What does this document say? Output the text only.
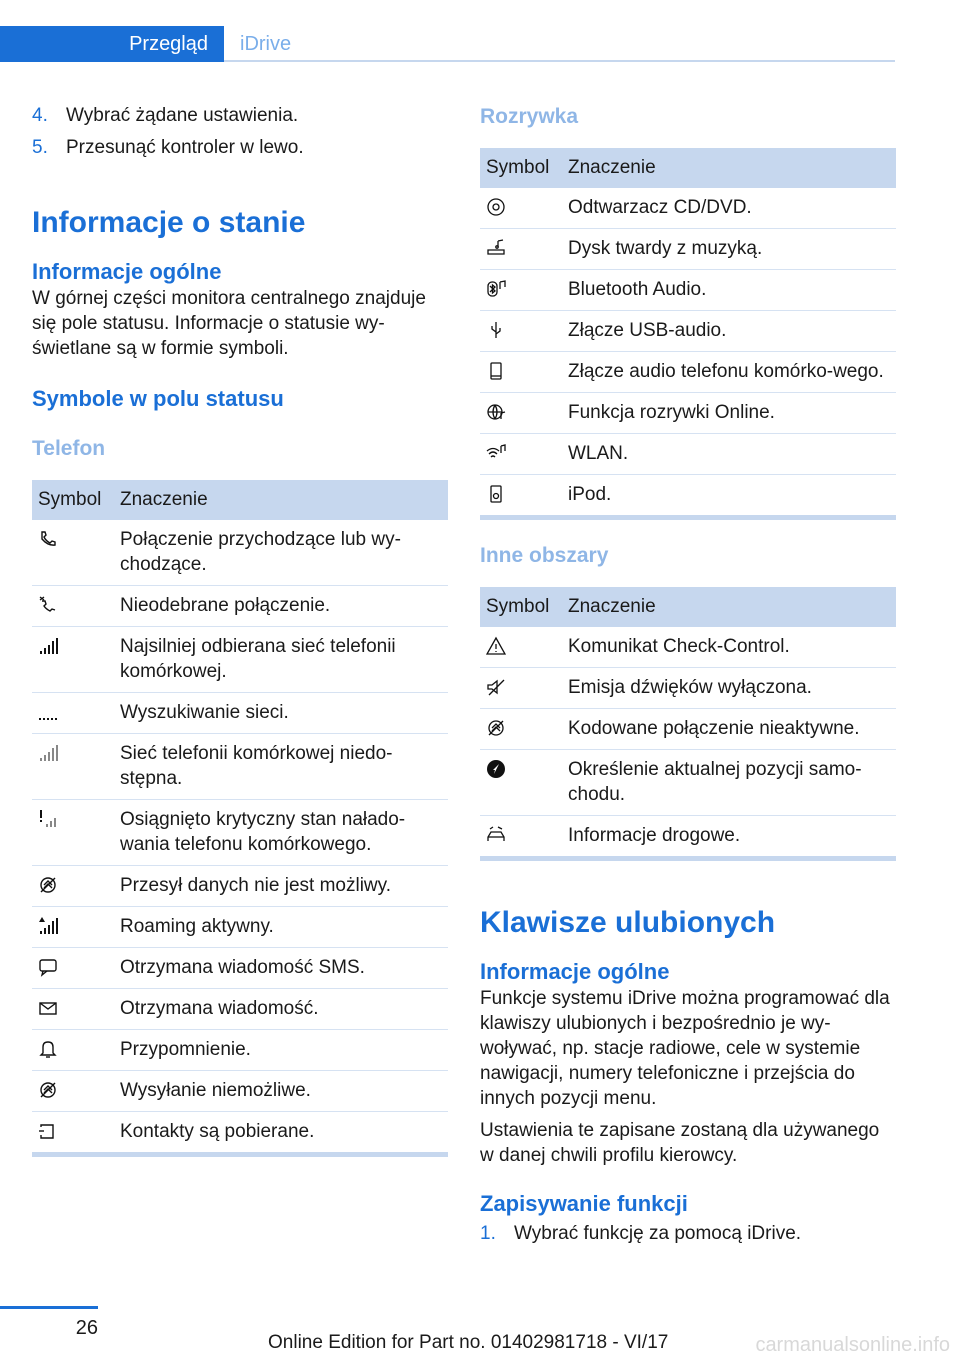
Przegląd	iDrive
4. Wybrać żądane ustawienia.
5. Przesunąć kontroler w lewo.
Informacje o stanie
Informacje ogólne

W górnej części monitora centralnego znajduje się pole statusu. Informacje o statusie wy-świetlane są w formie symboli.

Symbole w polu statusu
Telefon
Symbol	Znaczenie

	Połączenie przychodzące lub wy-chodzące.

	Nieodebrane połączenie.

	Najsilniej odbierana sieć telefonii komórkowej.

	Wyszukiwanie sieci.

	Sieć telefonii komórkowej niedo-stępna.

	Osiągnięto krytyczny stan nałado-wania telefonu komórkowego.

	Przesył danych nie jest możliwy.

	Roaming aktywny.

	Otrzymana wiadomość SMS.

	Otrzymana wiadomość.

	Przypomnienie.

	Wysyłanie niemożliwe.

	Kontakty są pobierane.
Rozrywka
Symbol	Znaczenie

	Odtwarzacz CD/DVD.

	Dysk twardy z muzyką.

	Bluetooth Audio.

	Złącze USB-audio.

	Złącze audio telefonu komórko-wego.

	Funkcja rozrywki Online.

	WLAN.

	iPod.
Inne obszary
Symbol	Znaczenie

	Komunikat Check-Control.

	Emisja dźwięków wyłączona.

	Kodowane połączenie nieaktywne.

	Określenie aktualnej pozycji samo-chodu.

	Informacje drogowe.
Klawisze ulubionych
Informacje ogólne

Funkcje systemu iDrive można programować dla klawiszy ulubionych i bezpośrednio je wy-woływać, np. stacje radiowe, cele w systemie nawigacji, numery telefoniczne i przejścia do innych pozycji menu.

Ustawienia te zapisane zostaną dla używanego w danej chwili profilu kierowcy.

Zapisywanie funkcji
1. Wybrać funkcję za pomocą iDrive.
26
Online Edition for Part no. 01402981718 - VI/17	carmanualsonline.info
